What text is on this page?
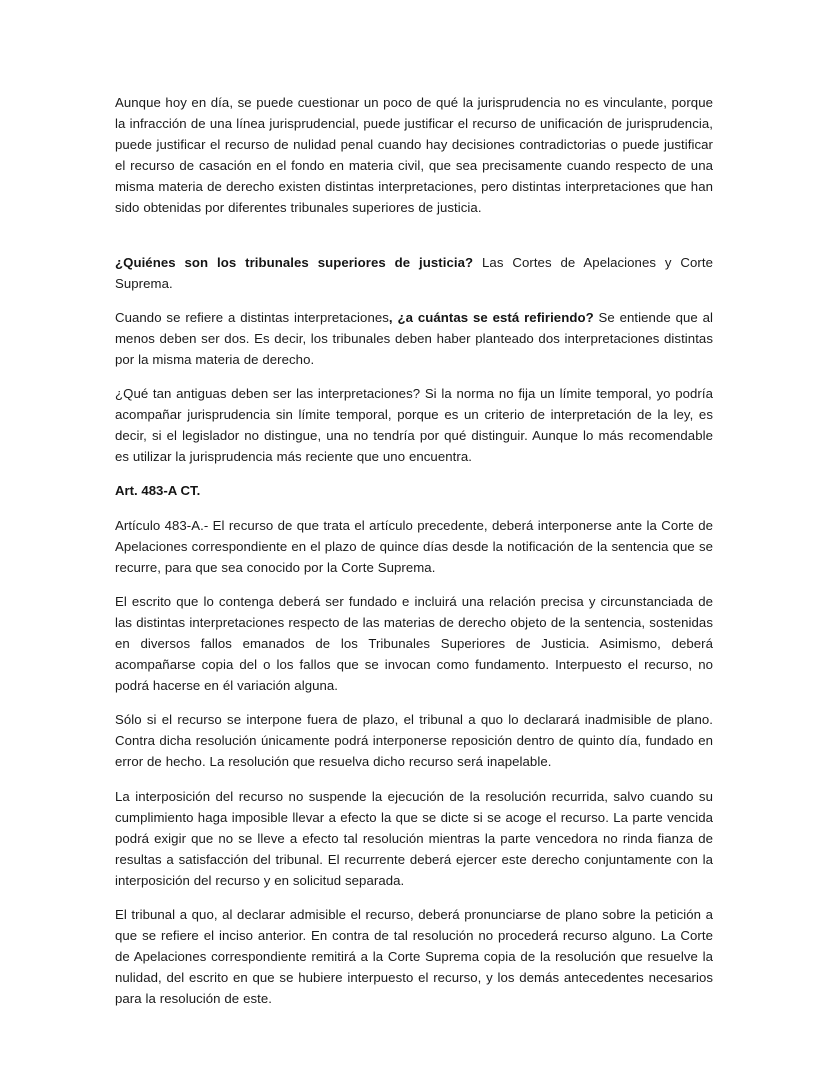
Aunque hoy en día, se puede cuestionar un poco de qué la jurisprudencia no es vinculante, porque la infracción de una línea jurisprudencial, puede justificar el recurso de unificación de jurisprudencia, puede justificar el recurso de nulidad penal cuando hay decisiones contradictorias o puede justificar el recurso de casación en el fondo en materia civil, que sea precisamente cuando respecto de una misma materia de derecho existen distintas interpretaciones, pero distintas interpretaciones que han sido obtenidas por diferentes tribunales superiores de justicia.

¿Quiénes son los tribunales superiores de justicia? Las Cortes de Apelaciones y Corte Suprema.

Cuando se refiere a distintas interpretaciones, ¿a cuántas se está refiriendo? Se entiende que al menos deben ser dos. Es decir, los tribunales deben haber planteado dos interpretaciones distintas por la misma materia de derecho.

¿Qué tan antiguas deben ser las interpretaciones? Si la norma no fija un límite temporal, yo podría acompañar jurisprudencia sin límite temporal, porque es un criterio de interpretación de la ley, es decir, si el legislador no distingue, una no tendría por qué distinguir. Aunque lo más recomendable es utilizar la jurisprudencia más reciente que uno encuentra.

Art. 483-A CT.

Artículo 483-A.- El recurso de que trata el artículo precedente, deberá interponerse ante la Corte de Apelaciones correspondiente en el plazo de quince días desde la notificación de la sentencia que se recurre, para que sea conocido por la Corte Suprema.

El escrito que lo contenga deberá ser fundado e incluirá una relación precisa y circunstanciada de las distintas interpretaciones respecto de las materias de derecho objeto de la sentencia, sostenidas en diversos fallos emanados de los Tribunales Superiores de Justicia. Asimismo, deberá acompañarse copia del o los fallos que se invocan como fundamento. Interpuesto el recurso, no podrá hacerse en él variación alguna.

Sólo si el recurso se interpone fuera de plazo, el tribunal a quo lo declarará inadmisible de plano. Contra dicha resolución únicamente podrá interponerse reposición dentro de quinto día, fundado en error de hecho. La resolución que resuelva dicho recurso será inapelable.

La interposición del recurso no suspende la ejecución de la resolución recurrida, salvo cuando su cumplimiento haga imposible llevar a efecto la que se dicte si se acoge el recurso. La parte vencida podrá exigir que no se lleve a efecto tal resolución mientras la parte vencedora no rinda fianza de resultas a satisfacción del tribunal. El recurrente deberá ejercer este derecho conjuntamente con la interposición del recurso y en solicitud separada.

El tribunal a quo, al declarar admisible el recurso, deberá pronunciarse de plano sobre la petición a que se refiere el inciso anterior. En contra de tal resolución no procederá recurso alguno. La Corte de Apelaciones correspondiente remitirá a la Corte Suprema copia de la resolución que resuelve la nulidad, del escrito en que se hubiere interpuesto el recurso, y los demás antecedentes necesarios para la resolución de este.
